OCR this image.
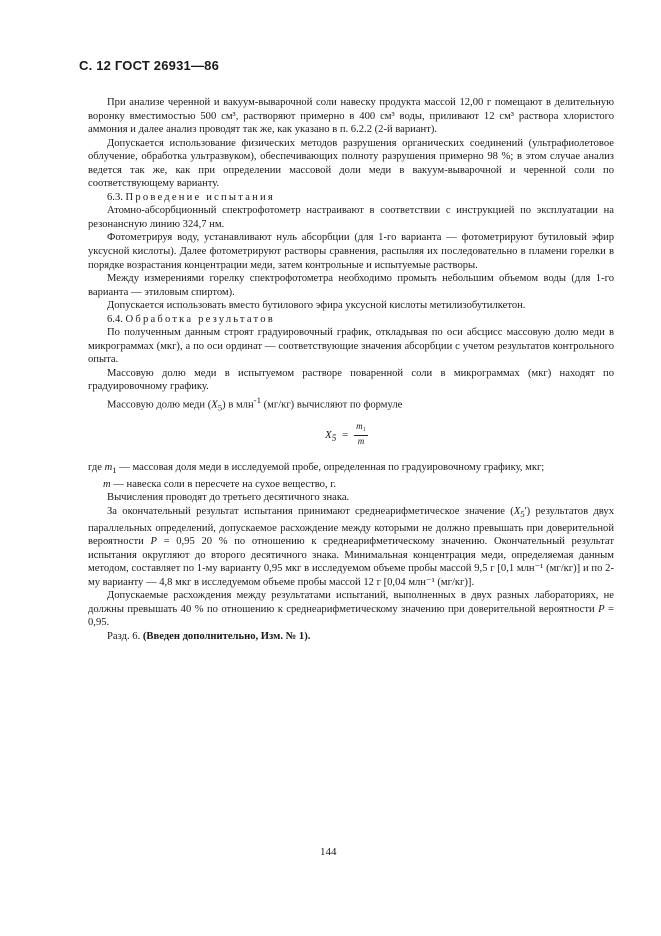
С. 12 ГОСТ 26931—86

При анализе черенной и вакуум-выварочной соли навеску продукта массой 12,00 г помещают в делительную воронку вместимостью 500 см³, растворяют примерно в 400 см³ воды, приливают 12 см³ раствора хлористого аммония и далее анализ проводят так же, как указано в п. 6.2.2 (2-й вариант).

Допускается использование физических методов разрушения органических соединений (ультрафиолетовое облучение, обработка ультразвуком), обеспечивающих полноту разрушения примерно 98 %; в этом случае анализ ведется так же, как при определении массовой доли меди в вакуум-выварочной и черенной соли по соответствующему варианту.

6.3. Проведение испытания

Атомно-абсорбционный спектрофотометр настраивают в соответствии с инструкцией по эксплуатации на резонансную линию 324,7 нм.

Фотометрируя воду, устанавливают нуль абсорбции (для 1-го варианта — фотометрируют бутиловый эфир уксусной кислоты). Далее фотометрируют растворы сравнения, распыляя их последовательно в пламени горелки в порядке возрастания концентрации меди, затем контрольные и испытуемые растворы.

Между измерениями горелку спектрофотометра необходимо промыть небольшим объемом воды (для 1-го варианта — этиловым спиртом).

Допускается использовать вместо бутилового эфира уксусной кислоты метилизобутилкетон.

6.4. Обработка результатов

По полученным данным строят градуировочный график, откладывая по оси абсцисс массовую долю меди в микрограммах (мкг), а по оси ординат — соответствующие значения абсорбции с учетом результатов контрольного опыта.

Массовую долю меди в испытуемом растворе поваренной соли в микрограммах (мкг) находят по градуировочному графику.

Массовую долю меди $(X_5)$ в млн$^{-1}$ (мг/кг) вычисляют по формуле

$X_5$ =
m₁
m

где $m_1$ — массовая доля меди в исследуемой пробе, определенная по градуировочному графику, мкг;

m — навеска соли в пересчете на сухое вещество, г.

Вычисления проводят до третьего десятичного знака.

За окончательный результат испытания принимают среднеарифметическое значение $(X_5')$ результатов двух параллельных определений, допускаемое расхождение между которыми не должно превышать при доверительной вероятности P = 0,95 20 % по отношению к среднеарифметическому значению. Окончательный результат испытания округляют до второго десятичного знака. Минимальная концентрация меди, определяемая данным методом, составляет по 1-му варианту 0,95 мкг в исследуемом объеме пробы массой 9,5 г [0,1 млн⁻¹ (мг/кг)] и по 2-му варианту — 4,8 мкг в исследуемом объеме пробы массой 12 г [0,04 млн⁻¹ (мг/кг)].

Допускаемые расхождения между результатами испытаний, выполненных в двух разных лабораториях, не должны превышать 40 % по отношению к среднеарифметическому значению при доверительной вероятности P = 0,95.

Разд. 6. (Введен дополнительно, Изм. № 1).

144
